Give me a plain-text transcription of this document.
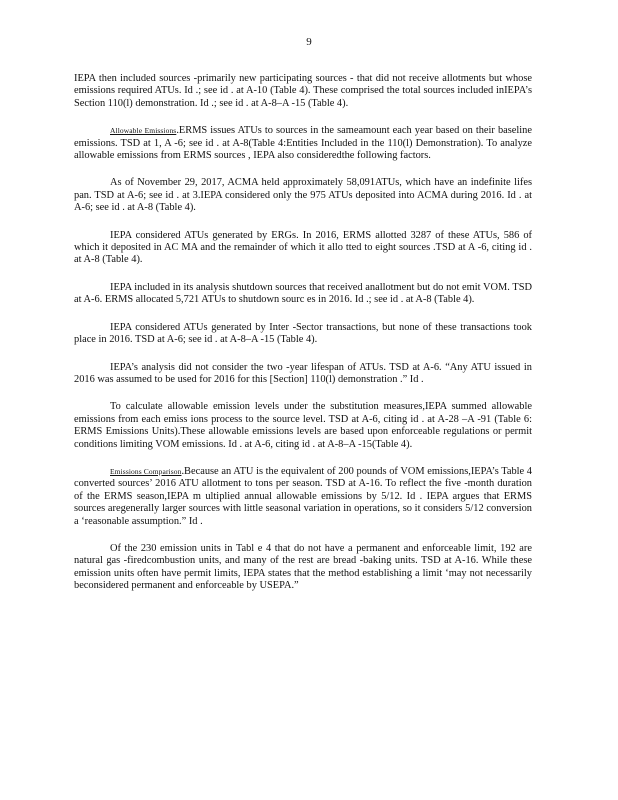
9

IEPA then included sources -primarily new participating sources - that did not receive allotments but whose emissions required ATUs. Id .; see id . at A-10 (Table 4). These comprised the total sources included inIEPA’s Section 110(l) demonstration. Id .; see id . at A-8–A -15 (Table 4).

Allowable Emissions.ERMS issues ATUs to sources in the sameamount each year based on their baseline emissions. TSD at 1, A -6; see id . at A-8(Table 4:Entities Included in the 110(l) Demonstration). To analyze allowable emissions from ERMS sources , IEPA also consideredthe following factors.

As of November 29, 2017, ACMA held approximately 58,091ATUs, which have an indefinite lifes pan. TSD at A-6; see id . at 3.IEPA considered only the 975 ATUs deposited into ACMA during 2016. Id . at A-6; see id . at A-8 (Table 4).

IEPA considered ATUs generated by ERGs. In 2016, ERMS allotted 3287 of these ATUs, 586 of which it deposited in AC MA and the remainder of which it allo tted to eight sources .TSD at A -6, citing id . at A-8 (Table 4).

IEPA included in its analysis shutdown sources that received anallotment but do not emit VOM. TSD at A-6. ERMS allocated 5,721 ATUs to shutdown sourc es in 2016. Id .; see id . at A-8 (Table 4).

IEPA considered ATUs generated by Inter -Sector transactions, but none of these transactions took place in 2016. TSD at A-6; see id . at A-8–A -15 (Table 4).

IEPA’s analysis did not consider the two -year lifespan of ATUs. TSD at A-6. “Any ATU issued in 2016 was assumed to be used for 2016 for this [Section] 110(l) demonstration .” Id .

To calculate allowable emission levels under the substitution measures,IEPA summed allowable emissions from each emiss ions process to the source level. TSD at A-6, citing id . at A-28 –A -91 (Table 6: ERMS Emissions Units).These allowable emissions levels are based upon enforceable regulations or permit conditions limiting VOM emissions. Id . at A-6, citing id . at A-8–A -15(Table 4).

Emissions Comparison.Because an ATU is the equivalent of 200 pounds of VOM emissions,IEPA’s Table 4 converted sources’ 2016 ATU allotment to tons per season. TSD at A-16. To reflect the five -month duration of the ERMS season,IEPA m ultiplied annual allowable emissions by 5/12. Id . IEPA argues that ERMS sources aregenerally larger sources with little seasonal variation in operations, so it considers 5/12 conversion a ‘reasonable assumption.” Id .

Of the 230 emission units in Tabl e 4 that do not have a permanent and enforceable limit, 192 are natural gas -firedcombustion units, and many of the rest are bread -baking units. TSD at A-16. While these emission units often have permit limits, IEPA states that the method establishing a limit ‘may not necessarily beconsidered permanent and enforceable by USEPA.”
